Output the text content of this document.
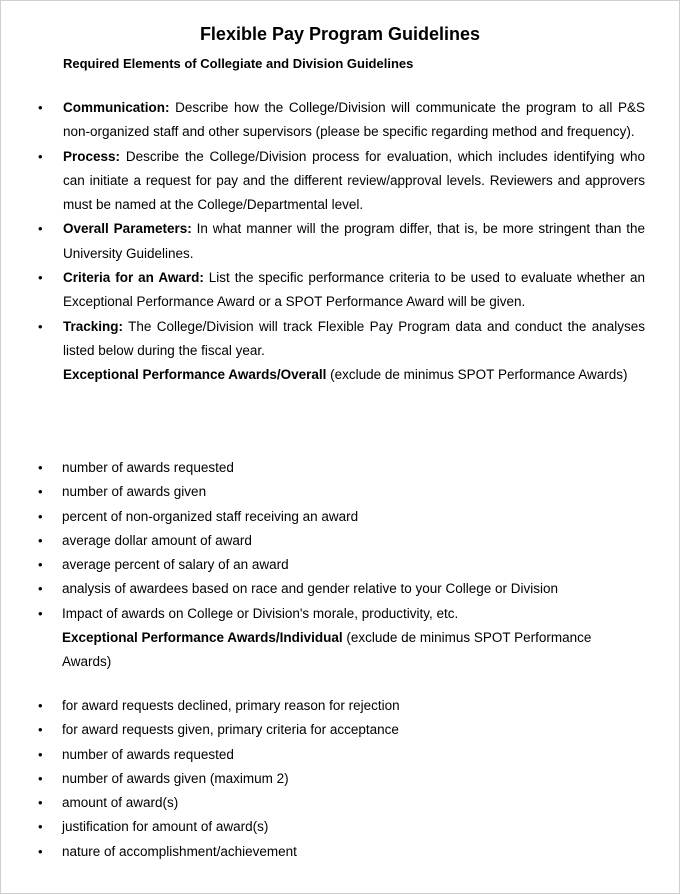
Flexible Pay Program Guidelines
Required Elements of Collegiate and Division Guidelines
•	Communication: Describe how the College/Division will communicate the program to all P&S non-organized staff and other supervisors (please be specific regarding method and frequency).
•	Process: Describe the College/Division process for evaluation, which includes identifying who can initiate a request for pay and the different review/approval levels. Reviewers and approvers must be named at the College/Departmental level.
•	Overall Parameters: In what manner will the program differ, that is, be more stringent than the University Guidelines.
•	Criteria for an Award: List the specific performance criteria to be used to evaluate whether an Exceptional Performance Award or a SPOT Performance Award will be given.
•	Tracking: The College/Division will track Flexible Pay Program data and conduct the analyses listed below during the fiscal year.

Exceptional Performance Awards/Overall (exclude de minimus SPOT Performance Awards)

•	number of awards requested
•	number of awards given
•	percent of non-organized staff receiving an award
•	average dollar amount of award
•	average percent of salary of an award
•	analysis of awardees based on race and gender relative to your College or Division
•	Impact of awards on College or Division's morale, productivity, etc.

Exceptional Performance Awards/Individual (exclude de minimus SPOT Performance Awards)

•	for award requests declined, primary reason for rejection
•	for award requests given, primary criteria for acceptance
•	number of awards requested
•	number of awards given (maximum 2)
•	amount of award(s)
•	justification for amount of award(s)
•	nature of accomplishment/achievement
